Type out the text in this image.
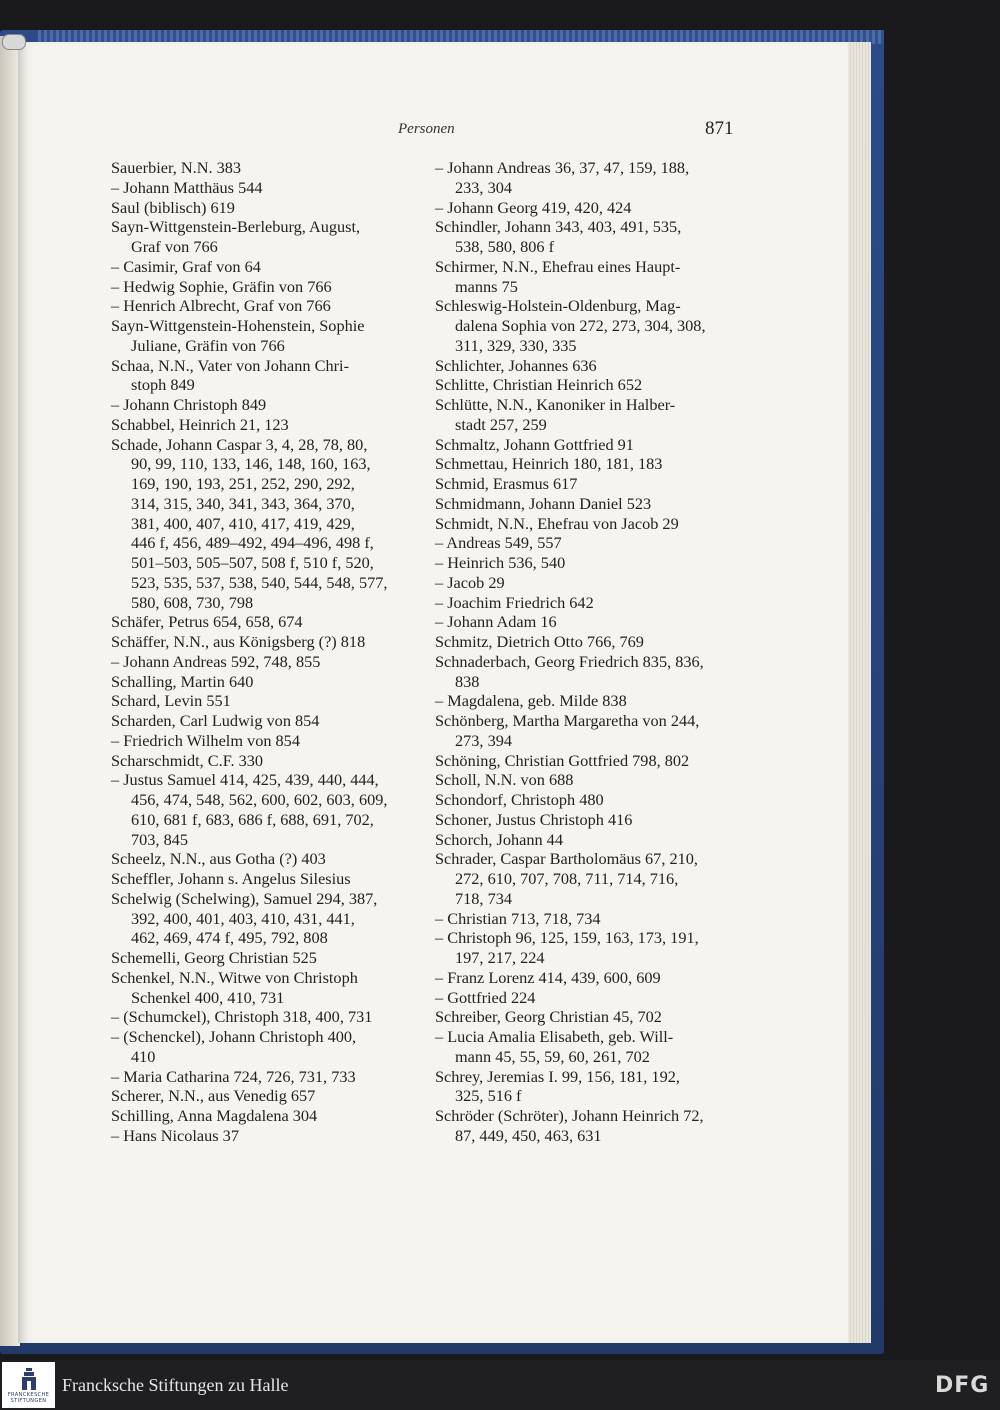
Personen	871
Sauerbier, N.N. 383
– Johann Matthäus 544
Saul (biblisch) 619
Sayn-Wittgenstein-Berleburg, August,
Graf von 766
– Casimir, Graf von 64
– Hedwig Sophie, Gräfin von 766
– Henrich Albrecht, Graf von 766
Sayn-Wittgenstein-Hohenstein, Sophie
Juliane, Gräfin von 766
Schaa, N.N., Vater von Johann Chri-
stoph 849
– Johann Christoph 849
Schabbel, Heinrich 21, 123
Schade, Johann Caspar 3, 4, 28, 78, 80,
90, 99, 110, 133, 146, 148, 160, 163,
169, 190, 193, 251, 252, 290, 292,
314, 315, 340, 341, 343, 364, 370,
381, 400, 407, 410, 417, 419, 429,
446 f, 456, 489–492, 494–496, 498 f,
501–503, 505–507, 508 f, 510 f, 520,
523, 535, 537, 538, 540, 544, 548, 577,
580, 608, 730, 798
Schäfer, Petrus 654, 658, 674
Schäffer, N.N., aus Königsberg (?) 818
– Johann Andreas 592, 748, 855
Schalling, Martin 640
Schard, Levin 551
Scharden, Carl Ludwig von 854
– Friedrich Wilhelm von 854
Scharschmidt, C.F. 330
– Justus Samuel 414, 425, 439, 440, 444,
456, 474, 548, 562, 600, 602, 603, 609,
610, 681 f, 683, 686 f, 688, 691, 702,
703, 845
Scheelz, N.N., aus Gotha (?) 403
Scheffler, Johann s. Angelus Silesius
Schelwig (Schelwing), Samuel 294, 387,
392, 400, 401, 403, 410, 431, 441,
462, 469, 474 f, 495, 792, 808
Schemelli, Georg Christian 525
Schenkel, N.N., Witwe von Christoph
Schenkel 400, 410, 731
– (Schumckel), Christoph 318, 400, 731
– (Schenckel), Johann Christoph 400,
410
– Maria Catharina 724, 726, 731, 733
Scherer, N.N., aus Venedig 657
Schilling, Anna Magdalena 304
– Hans Nicolaus 37
– Johann Andreas 36, 37, 47, 159, 188,
233, 304
– Johann Georg 419, 420, 424
Schindler, Johann 343, 403, 491, 535,
538, 580, 806 f
Schirmer, N.N., Ehefrau eines Haupt-
manns 75
Schleswig-Holstein-Oldenburg, Mag-
dalena Sophia von 272, 273, 304, 308,
311, 329, 330, 335
Schlichter, Johannes 636
Schlitte, Christian Heinrich 652
Schlütte, N.N., Kanoniker in Halber-
stadt 257, 259
Schmaltz, Johann Gottfried 91
Schmettau, Heinrich 180, 181, 183
Schmid, Erasmus 617
Schmidmann, Johann Daniel 523
Schmidt, N.N., Ehefrau von Jacob 29
– Andreas 549, 557
– Heinrich 536, 540
– Jacob 29
– Joachim Friedrich 642
– Johann Adam 16
Schmitz, Dietrich Otto 766, 769
Schnaderbach, Georg Friedrich 835, 836,
838
– Magdalena, geb. Milde 838
Schönberg, Martha Margaretha von 244,
273, 394
Schöning, Christian Gottfried 798, 802
Scholl, N.N. von 688
Schondorf, Christoph 480
Schoner, Justus Christoph 416
Schorch, Johann 44
Schrader, Caspar Bartholomäus 67, 210,
272, 610, 707, 708, 711, 714, 716,
718, 734
– Christian 713, 718, 734
– Christoph 96, 125, 159, 163, 173, 191,
197, 217, 224
– Franz Lorenz 414, 439, 600, 609
– Gottfried 224
Schreiber, Georg Christian 45, 702
– Lucia Amalia Elisabeth, geb. Will-
mann 45, 55, 59, 60, 261, 702
Schrey, Jeremias I. 99, 156, 181, 192,
325, 516 f
Schröder (Schröter), Johann Heinrich 72,
87, 449, 450, 463, 631
FRANCKESCHE STIFTUNGEN
Francksche Stiftungen zu Halle	DFG
